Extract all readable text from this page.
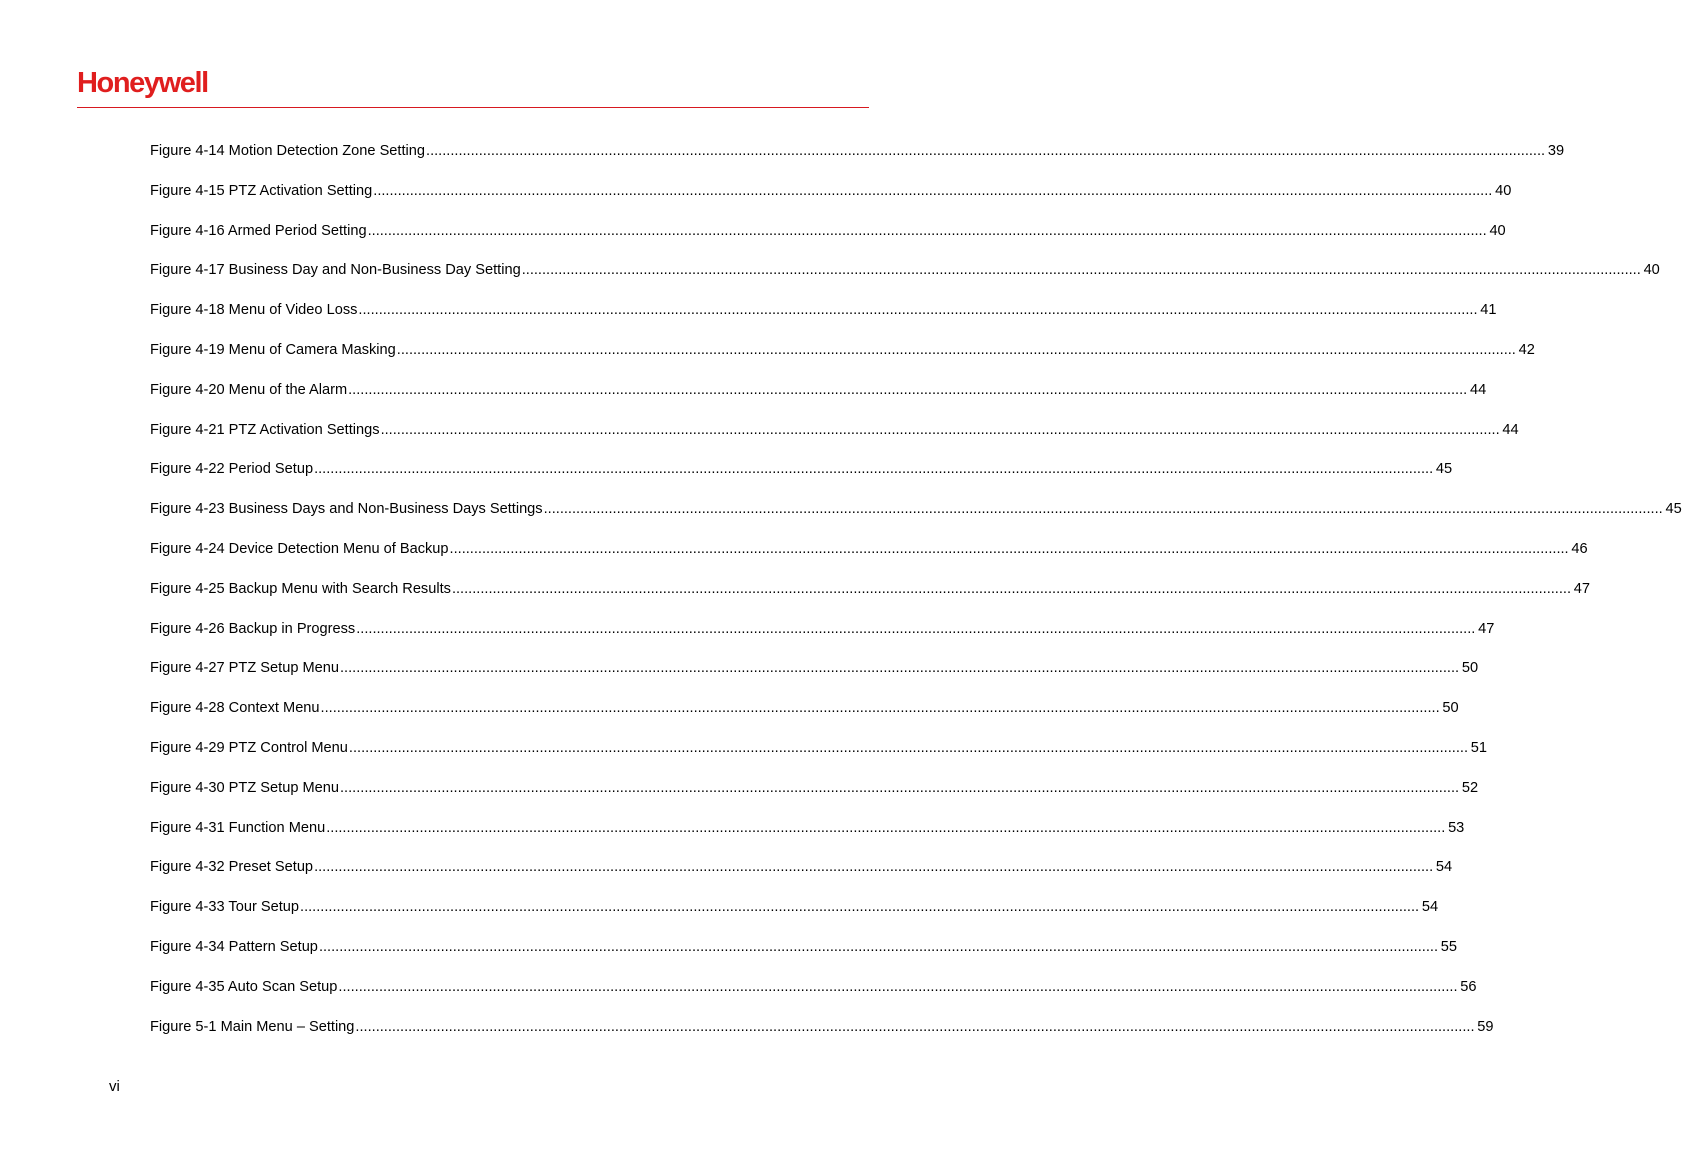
Honeywell
Figure 4-14 Motion Detection Zone Setting .................................................................................................................................................................................................................................................................................... 39
Figure 4-15 PTZ Activation Setting .................................................................................................................................................................................................................................................................................... 40
Figure 4-16 Armed Period Setting .................................................................................................................................................................................................................................................................................... 40
Figure 4-17 Business Day and Non-Business Day Setting .................................................................................................................................................................................................................................................................................... 40
Figure 4-18 Menu of Video Loss .................................................................................................................................................................................................................................................................................... 41
Figure 4-19 Menu of Camera Masking .................................................................................................................................................................................................................................................................................... 42
Figure 4-20 Menu of the Alarm .................................................................................................................................................................................................................................................................................... 44
Figure 4-21 PTZ Activation Settings .................................................................................................................................................................................................................................................................................... 44
Figure 4-22 Period Setup .................................................................................................................................................................................................................................................................................... 45
Figure 4-23 Business Days and Non-Business Days Settings .................................................................................................................................................................................................................................................................................... 45
Figure 4-24 Device Detection Menu of Backup .................................................................................................................................................................................................................................................................................... 46
Figure 4-25 Backup Menu with Search Results .................................................................................................................................................................................................................................................................................... 47
Figure 4-26 Backup in Progress .................................................................................................................................................................................................................................................................................... 47
Figure 4-27 PTZ Setup Menu .................................................................................................................................................................................................................................................................................... 50
Figure 4-28 Context Menu .................................................................................................................................................................................................................................................................................... 50
Figure 4-29 PTZ Control Menu .................................................................................................................................................................................................................................................................................... 51
Figure 4-30 PTZ Setup Menu .................................................................................................................................................................................................................................................................................... 52
Figure 4-31 Function Menu .................................................................................................................................................................................................................................................................................... 53
Figure 4-32 Preset Setup .................................................................................................................................................................................................................................................................................... 54
Figure 4-33 Tour Setup .................................................................................................................................................................................................................................................................................... 54
Figure 4-34 Pattern Setup .................................................................................................................................................................................................................................................................................... 55
Figure 4-35 Auto Scan Setup .................................................................................................................................................................................................................................................................................... 56
Figure 5-1 Main Menu – Setting .................................................................................................................................................................................................................................................................................... 59
vi
